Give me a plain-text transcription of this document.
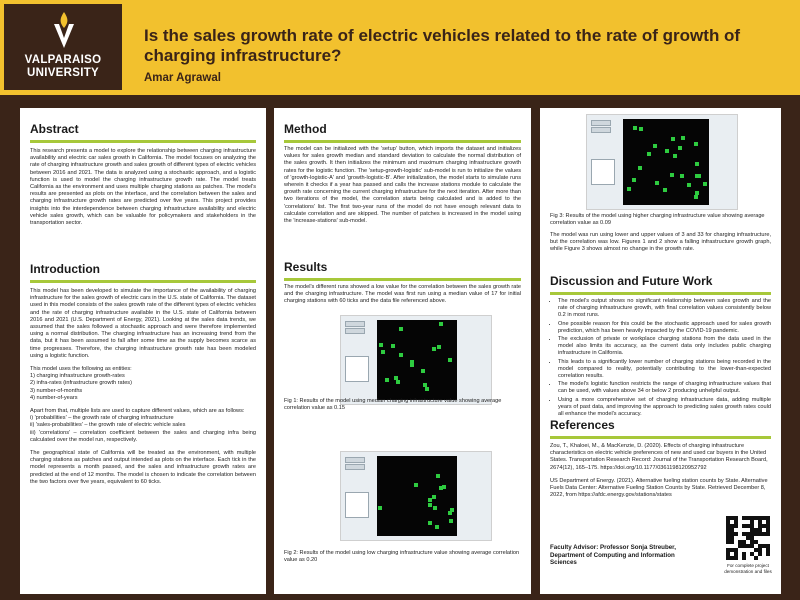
VALPARAISO
UNIVERSITY
Is the sales growth rate of electric vehicles related to the rate of growth of charging infrastructure?
Amar Agrawal
Abstract
This research presents a model to explore the relationship between charging infrastructure availability and electric car sales growth in California. The model focuses on analyzing the rate of charging infrastructure growth and sales growth of different types of electric vehicles between 2016 and 2021. The data is analyzed using a stochastic approach, and a logistic function is used to model the charging infrastructure growth rate. The model treats California as the environment and uses multiple charging stations as patches. The model's results are presented as plots on the interface, and the correlation between the sales and charging infrastructure growth rates are predicted over five years. This project provides insights into the interdependence between charging infrastructure availability and electric vehicle sales growth, which can be valuable for policymakers and stakeholders in the transportation sector.
Introduction

This model has been developed to simulate the importance of the availability of charging infrastructure for the sales growth of electric cars in the U.S. state of California. The dataset used in this model consists of the sales growth rate of the different types of electric vehicles and the rate of charging infrastructure available in the U.S. state of California between 2016 and 2021 (U.S. Department of Energy, 2021). Looking at the sales data trends, we assumed that the sales followed a stochastic approach and were therefore implemented using a normal distribution. The charging infrastructure has an increasing trend from the data, but it has been assumed to fall after some time as the supply becomes scarce as time progresses. Therefore, the charging infrastructure growth rate has been modeled using a logistic function.

This model uses the following as entities:
1) charging infrastructure growth-rates
2) infra-rates (infrastructure growth rates)
3) number-of-months
4) number-of-years
Apart from that, multiple lists are used to capture different values, which are as follows:
i) 'probabilities' – the growth rate of charging infrastructure
ii) 'sales-probabilities' – the growth rate of electric vehicle sales
iii) 'correlations' – correlation coefficient between the sales and charging infra being calculated over the model run, respectively.

The geographical state of California will be treated as the environment, with multiple charging stations as patches and output intended as plots on the interface. Each tick in the model represents a month passed, and the sales and infrastructure growth rates are predicted at the end of 12 months. The model is chosen to indicate the correlation between the two factors over five years, equivalent to 60 ticks.

Method
The model can be initialized with the 'setup' button, which imports the dataset and initializes values for sales growth median and standard deviation to calculate the normal distribution of the sales growth. It then initializes the minimum and maximum charging infrastructure growth rates for the logistic function. The 'setup-growth-logistic' sub-model is run to initialize the values of 'growth-logistic-A' and 'growth-logistic-B'. After initialization, the model starts to simulate runs wherein it checks if a year has passed and calls the increase stations module to calculate the growth rate concerning the current charging infrastructure for the next iteration. After more than two iterations of the model, the correlation starts being calculated and is added to the 'correlations' list. The first two-year runs of the model do not have enough relevant data to calculate correlation and are skipped. The number of patches is increased in the model using the 'increase-stations' sub-model.
Results
The model's different runs showed a low value for the correlation between the sales growth rate and the charging infrastructure. The model was first run using a median value of 17 for initial charging stations with 60 ticks and the data file referenced above.
Fig 1: Results of the model using median charging infrastructure value showing average correlation value as 0.15
Fig 2: Results of the model using low charging infrastructure value showing average correlation value as 0.20
Fig 3: Results of the model using higher charging infrastructure value showing average correlation value as 0.09
The model was run using lower and upper values of 3 and 33 for charging infrastructure, but the correlation was low. Figures 1 and 2 show a falling infrastructure growth graph, while Figure 3 shows almost no change in the growth rate.
Discussion and Future Work
• The model's output shows no significant relationship between sales growth and the rate of charging infrastructure growth, with final correlation values consistently below 0.2 in most runs.
• One possible reason for this could be the stochastic approach used for sales growth prediction, which has been heavily impacted by the COVID-19 pandemic.
• The exclusion of private or workplace charging stations from the data used in the model also limits its accuracy, as the current data only includes public charging infrastructure in California.
• This leads to a significantly lower number of charging stations being recorded in the model compared to reality, potentially contributing to the lower-than-expected correlation results.
• The model's logistic function restricts the range of charging infrastructure values that can be used, with values above 34 or below 2 producing unhelpful output.
• Using a more comprehensive set of charging infrastructure data, adding multiple years of past data, and improving the approach to predicting sales growth rates could all enhance the model's accuracy.
References

Zou, T., Khaloei, M., & MacKenzie, D. (2020). Effects of charging infrastructure characteristics on electric vehicle preferences of new and used car buyers in the United States. Transportation Research Record: Journal of the Transportation Research Board, 2674(12), 165–175. https://doi.org/10.1177/0361198120952792

US Department of Energy. (2021). Alternative fueling station counts by State. Alternative Fuels Data Center: Alternative Fueling Station Counts by State. Retrieved December 8, 2022, from https://afdc.energy.gov/stations/states

Faculty Advisor: Professor Sonja Streuber, Department of Computing and Information Sciences	For complete project demonstration and files
